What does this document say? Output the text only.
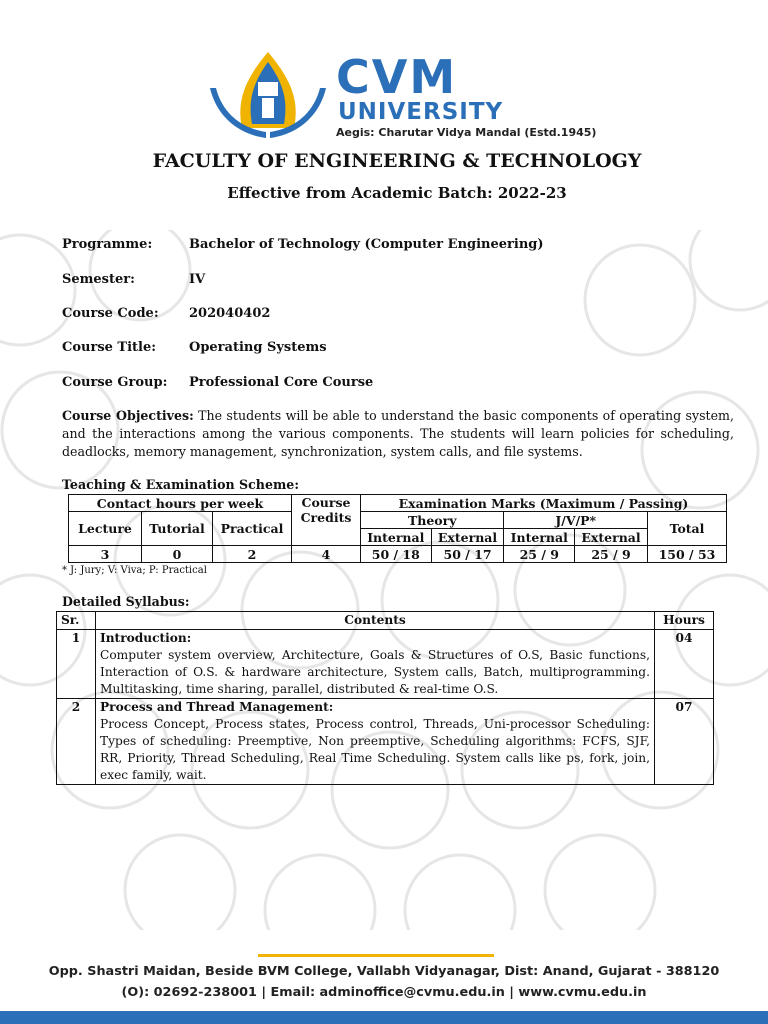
CVM
UNIVERSITY
Aegis: Charutar Vidya Mandal (Estd.1945)
FACULTY OF ENGINEERING & TECHNOLOGY
Effective from Academic Batch: 2022-23
Programme:	Bachelor of Technology (Computer Engineering)
Semester:	IV
Course Code: 202040402
Course Title:	Operating Systems
Course Group: Professional Core Course
Course Objectives: The students will be able to understand the basic components of operating system, and the interactions among the various components. The students will learn policies for scheduling, deadlocks, memory management, synchronization, system calls, and file systems.
Teaching & Examination Scheme:
Contact hours per week			Course Credits	Examination Marks (Maximum / Passing)				
Lecture	Tutorial	Practical		Theory		J/V/P*		Total
				Internal	External	Internal	External	
3	0	2	4	50 / 18	50 / 17	25 / 9	25 / 9	150 / 53
* J: Jury; V: Viva; P: Practical
Detailed Syllabus:
Sr.	Contents	Hours
1	Introduction:
Computer system overview, Architecture, Goals & Structures of O.S, Basic functions, Interaction of O.S. & hardware architecture, System calls, Batch, multiprogramming. Multitasking, time sharing, parallel, distributed & real-time O.S.	04
2	Process and Thread Management:
Process Concept, Process states, Process control, Threads, Uni-processor Scheduling: Types of scheduling: Preemptive, Non preemptive, Scheduling algorithms: FCFS, SJF, RR, Priority, Thread Scheduling, Real Time Scheduling. System calls like ps, fork, join, exec family, wait.	07
Opp. Shastri Maidan, Beside BVM College, Vallabh Vidyanagar, Dist: Anand, Gujarat - 388120
(O): 02692-238001 | Email: adminoffice@cvmu.edu.in | www.cvmu.edu.in
